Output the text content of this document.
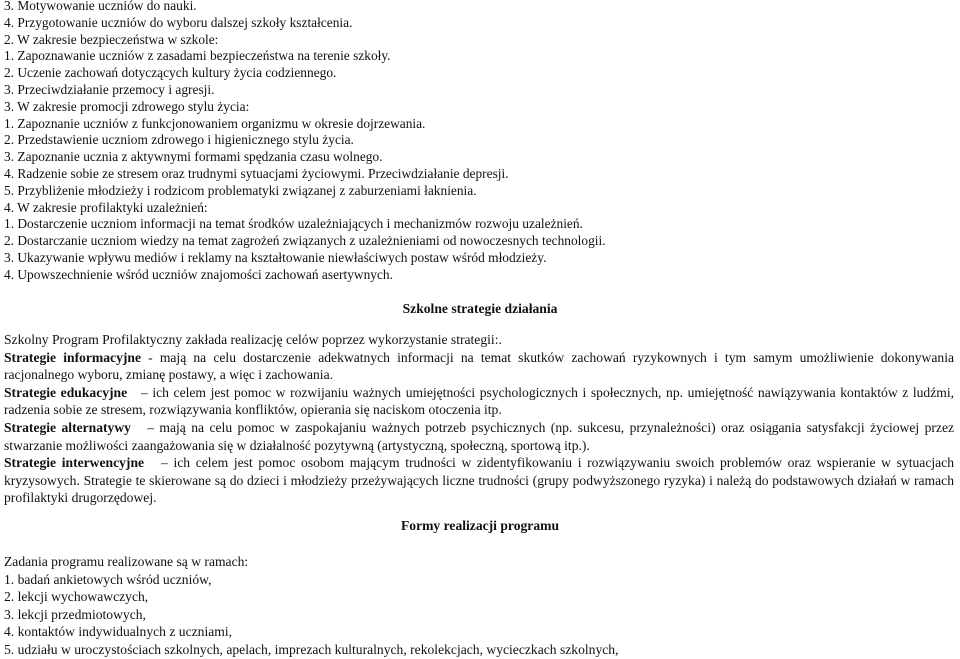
3. Motywowanie uczniów do nauki.
4. Przygotowanie uczniów do wyboru dalszej szkoły kształcenia.
2. W zakresie bezpieczeństwa w szkole:
1. Zapoznawanie uczniów z zasadami bezpieczeństwa na terenie szkoły.
2. Uczenie zachowań dotyczących kultury życia codziennego.
3. Przeciwdziałanie przemocy i agresji.
3. W zakresie promocji zdrowego stylu życia:
1. Zapoznanie uczniów z funkcjonowaniem organizmu w okresie dojrzewania.
2. Przedstawienie uczniom zdrowego i higienicznego stylu życia.
3. Zapoznanie ucznia z aktywnymi formami spędzania czasu wolnego.
4. Radzenie sobie ze stresem oraz trudnymi sytuacjami życiowymi. Przeciwdziałanie depresji.
5. Przybliżenie młodzieży i rodzicom problematyki związanej z zaburzeniami łaknienia.
4. W zakresie profilaktyki uzależnień:
1. Dostarczenie uczniom informacji na temat środków uzależniających i mechanizmów rozwoju uzależnień.
2. Dostarczanie uczniom wiedzy na temat zagrożeń związanych z uzależnieniami od nowoczesnych technologii.
3. Ukazywanie wpływu mediów i reklamy na kształtowanie niewłaściwych postaw wśród młodzieży.
4. Upowszechnienie wśród uczniów znajomości zachowań asertywnych.
Szkolne strategie działania
Szkolny Program Profilaktyczny zakłada realizację celów poprzez wykorzystanie strategii:.
Strategie informacyjne - mają na celu dostarczenie adekwatnych informacji na temat skutków zachowań ryzykownych i tym samym umożliwienie dokonywania racjonalnego wyboru, zmianę postawy, a więc i zachowania.
Strategie edukacyjne – ich celem jest pomoc w rozwijaniu ważnych umiejętności psychologicznych i społecznych, np. umiejętność nawiązywania kontaktów z ludźmi, radzenia sobie ze stresem, rozwiązywania konfliktów, opierania się naciskom otoczenia itp.
Strategie alternatywy – mają na celu pomoc w zaspokajaniu ważnych potrzeb psychicznych (np. sukcesu, przynależności) oraz osiągania satysfakcji życiowej przez stwarzanie możliwości zaangażowania się w działalność pozytywną (artystyczną, społeczną, sportową itp.).
Strategie interwencyjne – ich celem jest pomoc osobom mającym trudności w zidentyfikowaniu i rozwiązywaniu swoich problemów oraz wspieranie w sytuacjach kryzysowych. Strategie te skierowane są do dzieci i młodzieży przeżywających liczne trudności (grupy podwyższonego ryzyka) i należą do podstawowych działań w ramach profilaktyki drugorzędowej.
Formy realizacji programu
Zadania programu realizowane są w ramach:
1. badań ankietowych wśród uczniów,
2. lekcji wychowawczych,
3. lekcji przedmiotowych,
4. kontaktów indywidualnych z uczniami,
5. udziału w uroczystościach szkolnych, apelach, imprezach kulturalnych, rekolekcjach, wycieczkach szkolnych,
